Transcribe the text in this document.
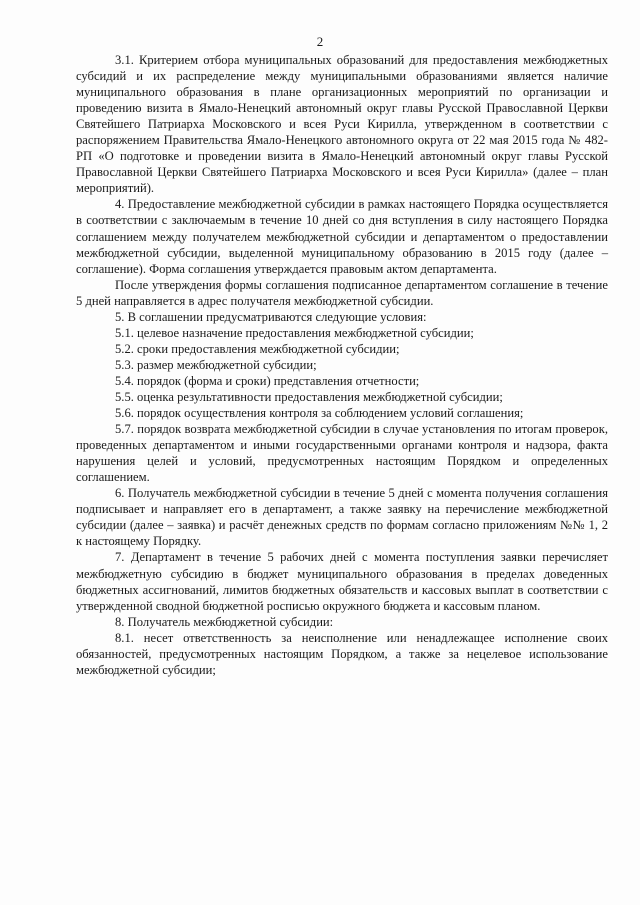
2

3.1. Критерием отбора муниципальных образований для предоставления межбюджетных субсидий и их распределение между муниципальными образованиями является наличие муниципального образования в плане организационных мероприятий по организации и проведению визита в Ямало-Ненецкий автономный округ главы Русской Православной Церкви Святейшего Патриарха Московского и всея Руси Кирилла, утвержденном в соответствии с распоряжением Правительства Ямало-Ненецкого автономного округа от 22 мая 2015 года № 482-РП «О подготовке и проведении визита в Ямало-Ненецкий автономный округ главы Русской Православной Церкви Святейшего Патриарха Московского и всея Руси Кирилла» (далее – план мероприятий).

4. Предоставление межбюджетной субсидии в рамках настоящего Порядка осуществляется в соответствии с заключаемым в течение 10 дней со дня вступления в силу настоящего Порядка соглашением между получателем межбюджетной субсидии и департаментом о предоставлении межбюджетной субсидии, выделенной муниципальному образованию в 2015 году (далее – соглашение). Форма соглашения утверждается правовым актом департамента.

После утверждения формы соглашения подписанное департаментом соглашение в течение 5 дней направляется в адрес получателя межбюджетной субсидии.

5. В соглашении предусматриваются следующие условия:

5.1. целевое назначение предоставления межбюджетной субсидии;

5.2. сроки предоставления межбюджетной субсидии;

5.3. размер межбюджетной субсидии;

5.4. порядок (форма и сроки) представления отчетности;

5.5. оценка результативности предоставления межбюджетной субсидии;

5.6. порядок осуществления контроля за соблюдением условий соглашения;

5.7. порядок возврата межбюджетной субсидии в случае установления по итогам проверок, проведенных департаментом и иными государственными органами контроля и надзора, факта нарушения целей и условий, предусмотренных настоящим Порядком и определенных соглашением.

6. Получатель межбюджетной субсидии в течение 5 дней с момента получения соглашения подписывает и направляет его в департамент, а также заявку на перечисление межбюджетной субсидии (далее – заявка) и расчёт денежных средств по формам согласно приложениям №№ 1, 2 к настоящему Порядку.

7. Департамент в течение 5 рабочих дней с момента поступления заявки перечисляет межбюджетную субсидию в бюджет муниципального образования в пределах доведенных бюджетных ассигнований, лимитов бюджетных обязательств и кассовых выплат в соответствии с утвержденной сводной бюджетной росписью окружного бюджета и кассовым планом.

8. Получатель межбюджетной субсидии:

8.1. несет ответственность за неисполнение или ненадлежащее исполнение своих обязанностей, предусмотренных настоящим Порядком, а также за нецелевое использование межбюджетной субсидии;
